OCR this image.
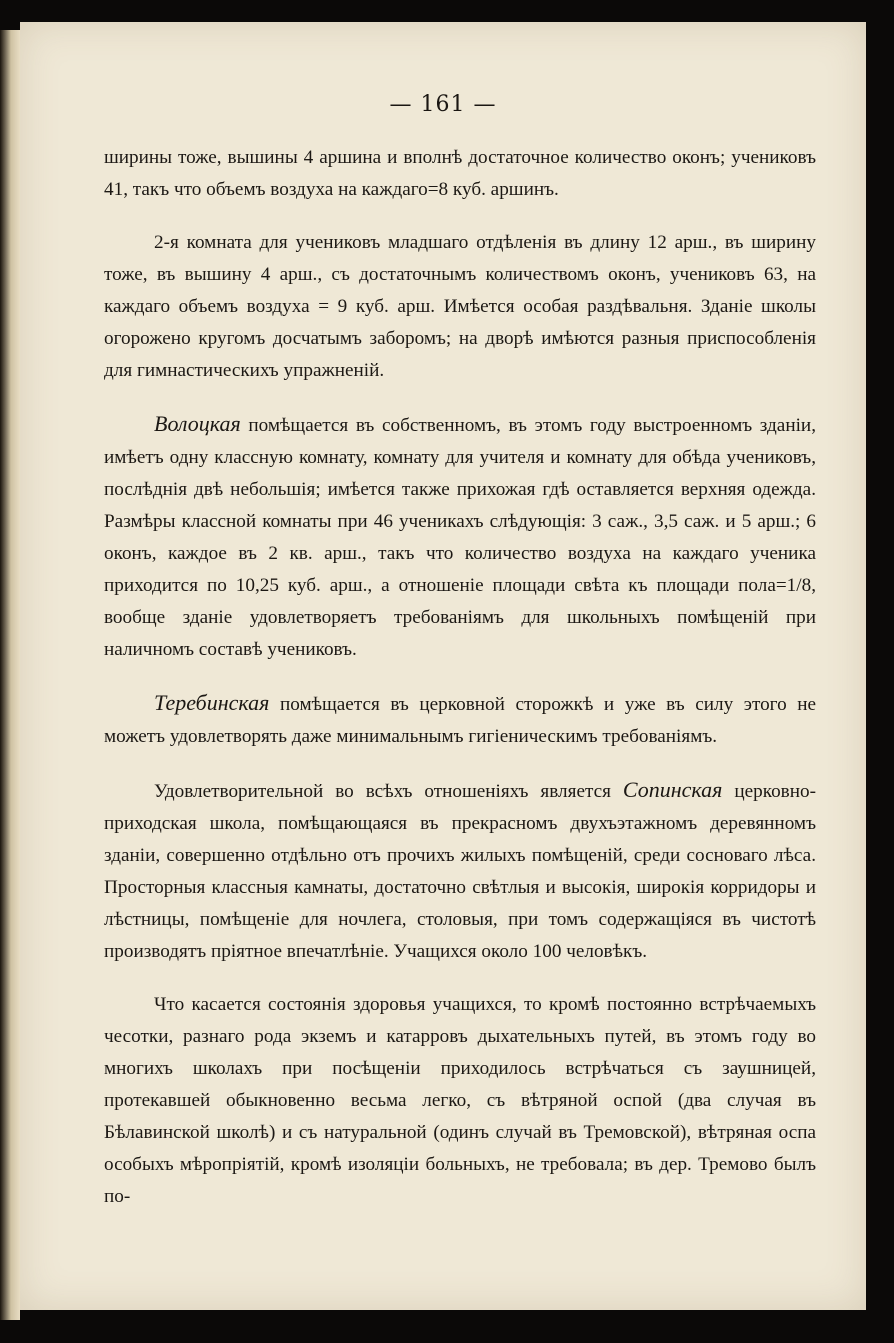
— 161 —

ширины тоже, вышины 4 аршина и вполнѣ достаточное количество оконъ; учениковъ 41, такъ что объемъ воздуха на каждаго=8 куб. аршинъ.

2-я комната для учениковъ младшаго отдѣленія въ длину 12 арш., въ ширину тоже, въ вышину 4 арш., съ достаточнымъ количествомъ оконъ, учениковъ 63, на каждаго объемъ воздуха = 9 куб. арш. Имѣется особая раздѣвальня. Зданіе школы огорожено кругомъ досчатымъ заборомъ; на дворѣ имѣются разныя приспособленія для гимнастическихъ упражненій.

Волоцкая помѣщается въ собственномъ, въ этомъ году выстроенномъ зданіи, имѣетъ одну классную комнату, комнату для учителя и комнату для обѣда учениковъ, послѣднія двѣ небольшія; имѣется также прихожая гдѣ оставляется верхняя одежда. Размѣры классной комнаты при 46 ученикахъ слѣдующія: 3 саж., 3,5 саж. и 5 арш.; 6 оконъ, каждое въ 2 кв. арш., такъ что количество воздуха на каждаго ученика приходится по 10,25 куб. арш., а отношеніе площади свѣта къ площади пола=1/8, вообще зданіе удовлетворяетъ требованіямъ для школьныхъ помѣщеній при наличномъ составѣ учениковъ.

Теребинская помѣщается въ церковной сторожкѣ и уже въ силу этого не можетъ удовлетворять даже минимальнымъ гигіеническимъ требованіямъ.

Удовлетворительной во всѣхъ отношеніяхъ является Сопинская церковно-приходская школа, помѣщающаяся въ прекрасномъ двухъэтажномъ деревянномъ зданіи, совершенно отдѣльно отъ прочихъ жилыхъ помѣщеній, среди сосноваго лѣса. Просторныя классныя камнаты, достаточно свѣтлыя и высокія, широкія корридоры и лѣстницы, помѣщеніе для ночлега, столовыя, при томъ содержащіяся въ чистотѣ производятъ пріятное впечатлѣніе. Учащихся около 100 человѣкъ.

Что касается состоянія здоровья учащихся, то кромѣ постоянно встрѣчаемыхъ чесотки, разнаго рода экземъ и катарровъ дыхательныхъ путей, въ этомъ году во многихъ школахъ при посѣщеніи приходилось встрѣчаться съ заушницей, протекавшей обыкновенно весьма легко, съ вѣтряной оспой (два случая въ Бѣлавинской школѣ) и съ натуральной (одинъ случай въ Тремовской), вѣтряная оспа особыхъ мѣропріятій, кромѣ изоляціи больныхъ, не требовала; въ дер. Тремово былъ по-
